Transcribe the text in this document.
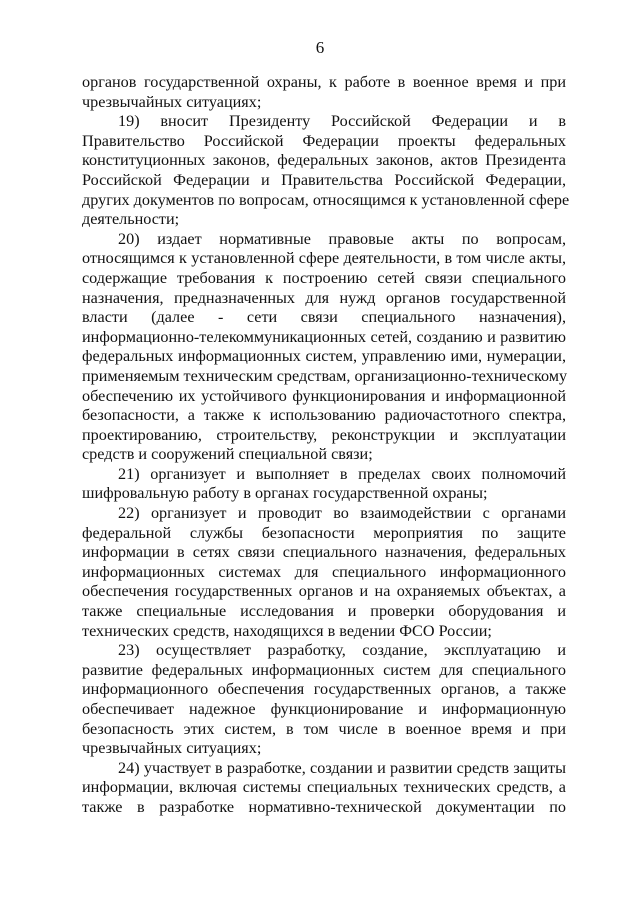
6
органов государственной охраны, к работе в военное время и при
чрезвычайных ситуациях;
19) вносит Президенту Российской Федерации и в
Правительство Российской Федерации проекты федеральных
конституционных законов, федеральных законов, актов Президента
Российской Федерации и Правительства Российской Федерации,
других документов по вопросам, относящимся к установленной сфере
деятельности;
20) издает нормативные правовые акты по вопросам,
относящимся к установленной сфере деятельности, в том числе акты,
содержащие требования к построению сетей связи специального
назначения, предназначенных для нужд органов государственной
власти (далее - сети связи специального назначения),
информационно-телекоммуникационных сетей, созданию и развитию
федеральных информационных систем, управлению ими, нумерации,
применяемым техническим средствам, организационно-техническому
обеспечению их устойчивого функционирования и информационной
безопасности, а также к использованию радиочастотного спектра,
проектированию, строительству, реконструкции и эксплуатации
средств и сооружений специальной связи;
21) организует и выполняет в пределах своих полномочий
шифровальную работу в органах государственной охраны;
22) организует и проводит во взаимодействии с органами
федеральной службы безопасности мероприятия по защите
информации в сетях связи специального назначения, федеральных
информационных системах для специального информационного
обеспечения государственных органов и на охраняемых объектах, а
также специальные исследования и проверки оборудования и
технических средств, находящихся в ведении ФСО России;
23) осуществляет разработку, создание, эксплуатацию и
развитие федеральных информационных систем для специального
информационного обеспечения государственных органов, а также
обеспечивает надежное функционирование и информационную
безопасность этих систем, в том числе в военное время и при
чрезвычайных ситуациях;
24) участвует в разработке, создании и развитии средств защиты
информации, включая системы специальных технических средств, а
также в разработке нормативно-технической документации по
